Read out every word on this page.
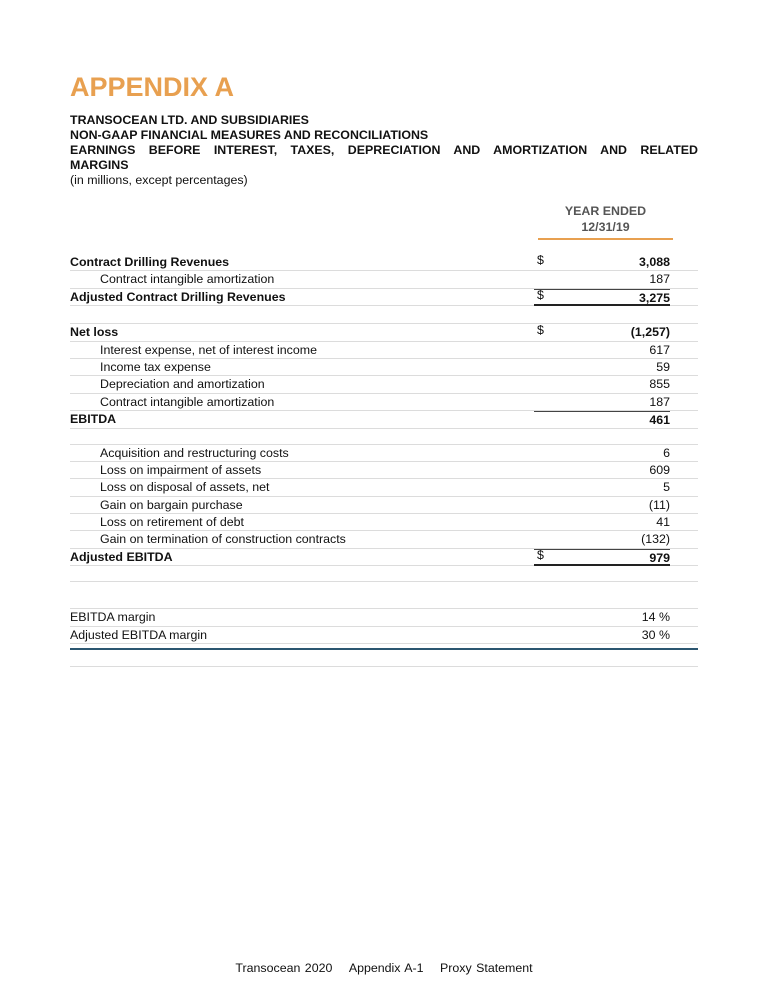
APPENDIX A
TRANSOCEAN LTD. AND SUBSIDIARIES
NON-GAAP FINANCIAL MEASURES AND RECONCILIATIONS
EARNINGS BEFORE INTEREST, TAXES, DEPRECIATION AND AMORTIZATION AND RELATED
MARGINS
(in millions, except percentages)
YEAR ENDED
12/31/19
Contract Drilling Revenues	$	3,088
Contract intangible amortization	187
Adjusted Contract Drilling Revenues	$	3,275
Net loss	$	(1,257)
Interest expense, net of interest income	617
Income tax expense	59
Depreciation and amortization	855
Contract intangible amortization	187
EBITDA	461
Acquisition and restructuring costs	6
Loss on impairment of assets	609
Loss on disposal of assets, net	5
Gain on bargain purchase	(11)
Loss on retirement of debt	41
Gain on termination of construction contracts	(132)
Adjusted EBITDA	$	979
EBITDA margin	14 %
Adjusted EBITDA margin	30 %
Transocean 2020 Appendix A-1 Proxy Statement
